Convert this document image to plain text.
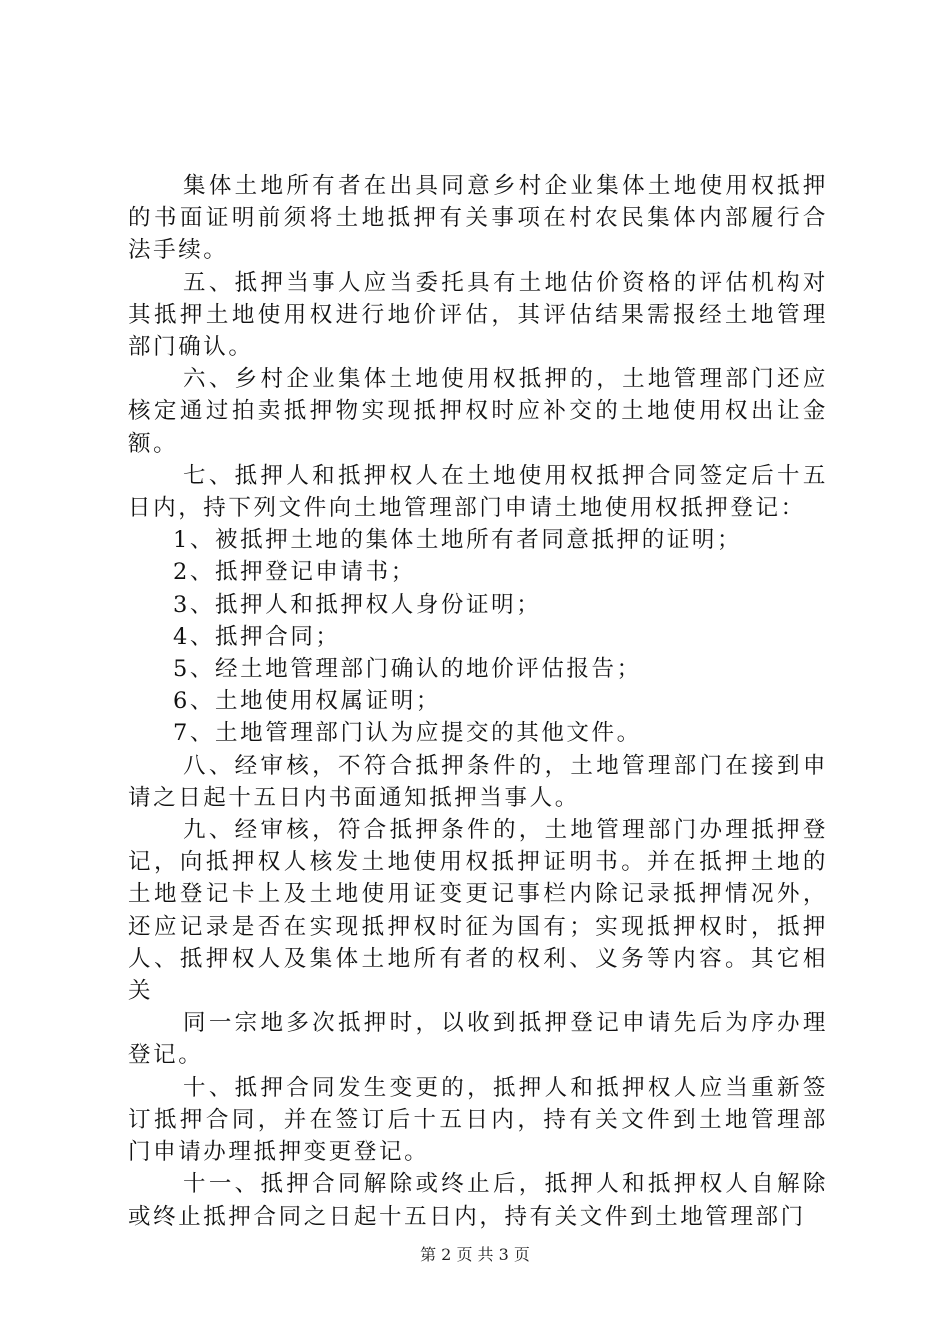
集体土地所有者在出具同意乡村企业集体土地使用权抵押的书面证明前须将土地抵押有关事项在村农民集体内部履行合法手续。

五、抵押当事人应当委托具有土地估价资格的评估机构对其抵押土地使用权进行地价评估，其评估结果需报经土地管理部门确认。

六、乡村企业集体土地使用权抵押的，土地管理部门还应核定通过拍卖抵押物实现抵押权时应补交的土地使用权出让金额。

七、抵押人和抵押权人在土地使用权抵押合同签定后十五日内，持下列文件向土地管理部门申请土地使用权抵押登记：

1、被抵押土地的集体土地所有者同意抵押的证明；

2、抵押登记申请书；

3、抵押人和抵押权人身份证明；

4、抵押合同；

5、经土地管理部门确认的地价评估报告；

6、土地使用权属证明；

7、土地管理部门认为应提交的其他文件。

八、经审核，不符合抵押条件的，土地管理部门在接到申请之日起十五日内书面通知抵押当事人。

九、经审核，符合抵押条件的，土地管理部门办理抵押登记，向抵押权人核发土地使用权抵押证明书。并在抵押土地的土地登记卡上及土地使用证变更记事栏内除记录抵押情况外，还应记录是否在实现抵押权时征为国有；实现抵押权时，抵押人、抵押权人及集体土地所有者的权利、义务等内容。其它相关

同一宗地多次抵押时，以收到抵押登记申请先后为序办理登记。

十、抵押合同发生变更的，抵押人和抵押权人应当重新签订抵押合同，并在签订后十五日内，持有关文件到土地管理部门申请办理抵押变更登记。

十一、抵押合同解除或终止后，抵押人和抵押权人自解除或终止抵押合同之日起十五日内，持有关文件到土地管理部门

第 2 页 共 3 页
